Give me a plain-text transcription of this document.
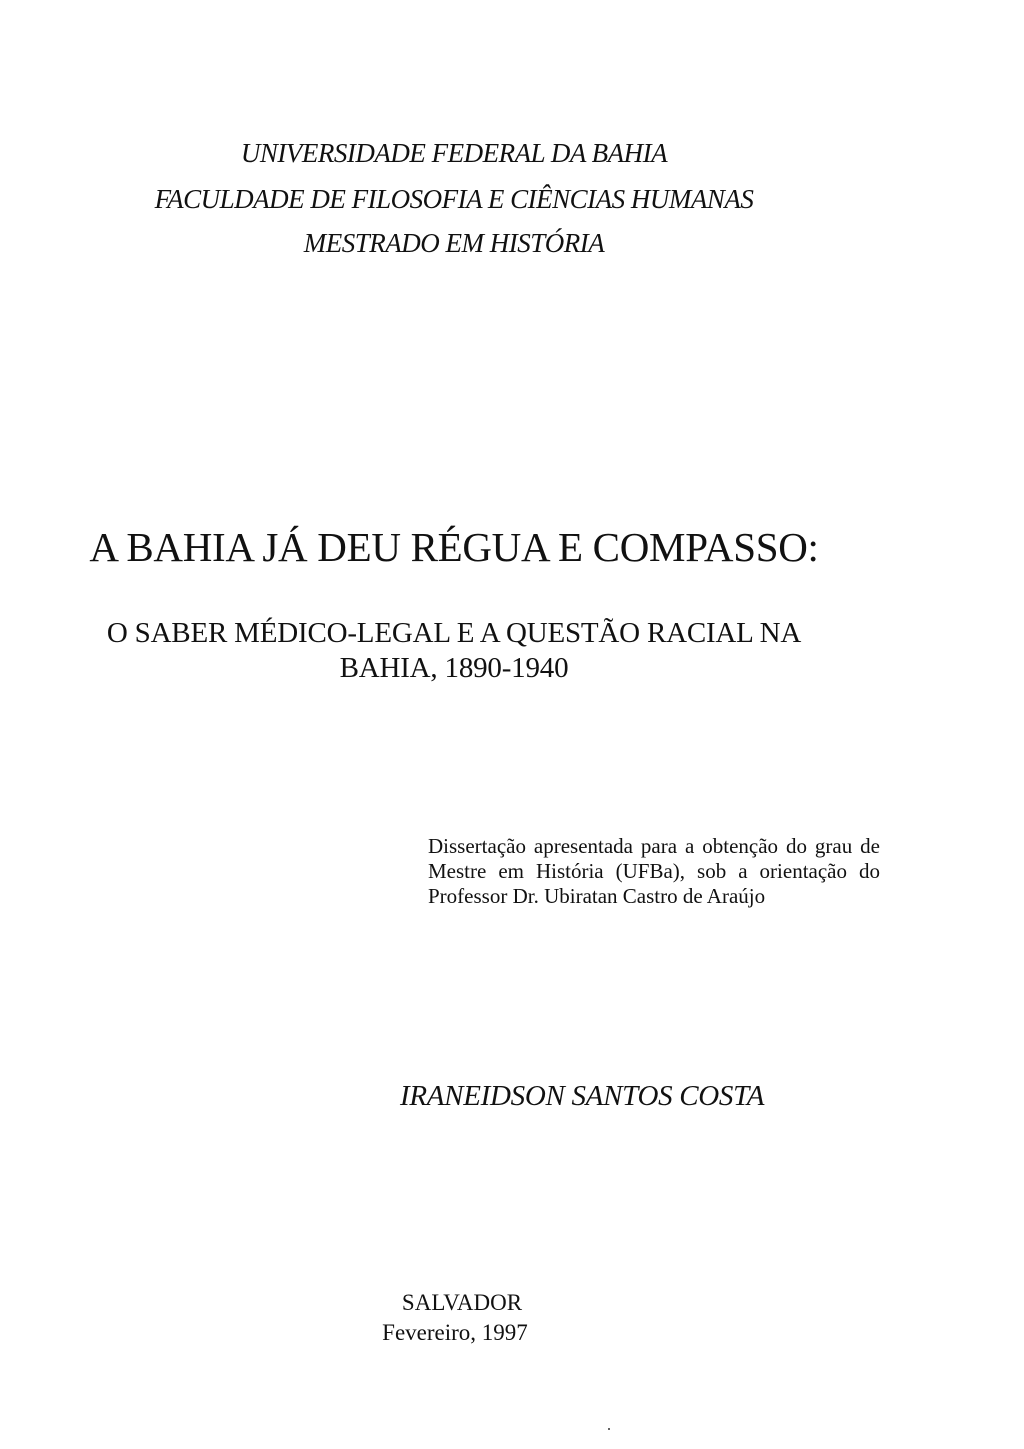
UNIVERSIDADE FEDERAL DA BAHIA
FACULDADE DE FILOSOFIA E CIÊNCIAS HUMANAS
MESTRADO EM HISTÓRIA
A BAHIA JÁ DEU RÉGUA E COMPASSO:
O SABER MÉDICO-LEGAL E A QUESTÃO RACIAL NA
BAHIA, 1890-1940
Dissertação apresentada para a obtenção do grau de Mestre em História (UFBa), sob a orientação do Professor Dr. Ubiratan Castro de Araújo
IRANEIDSON SANTOS COSTA
SALVADOR
Fevereiro, 1997
